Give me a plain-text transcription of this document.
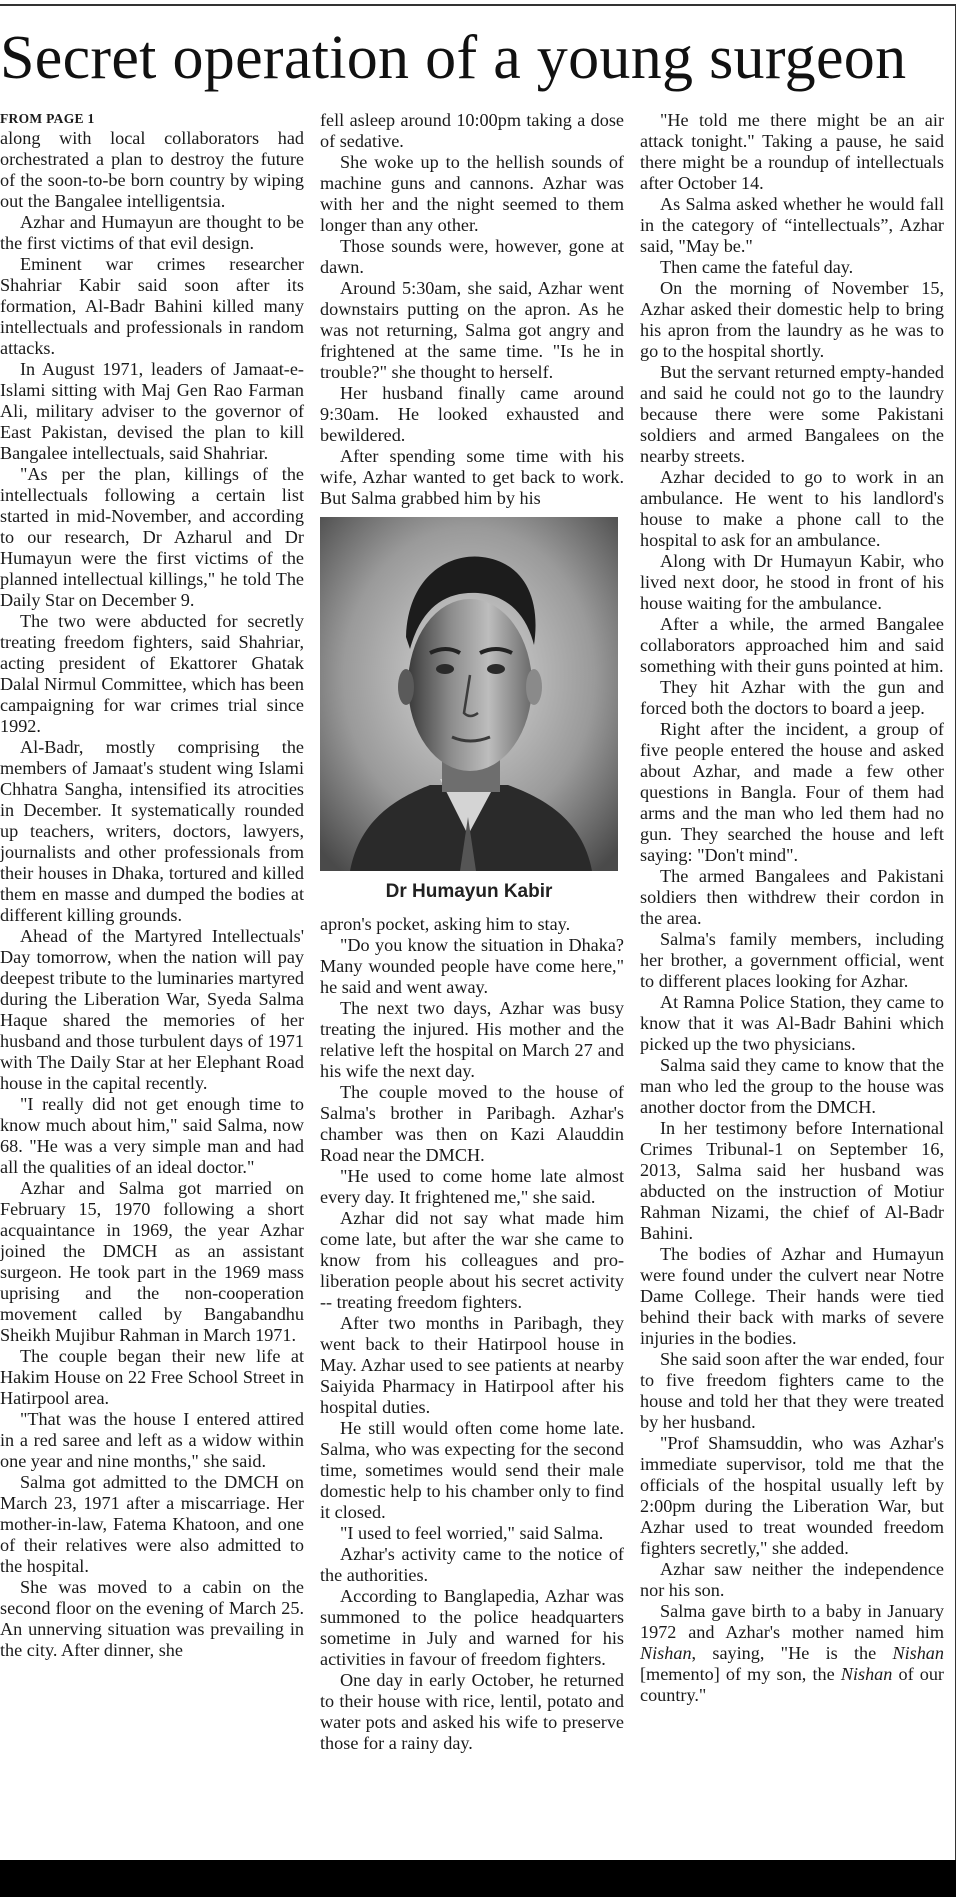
Secret operation of a young surgeon

FROM PAGE 1

along with local collaborators had orchestrated a plan to destroy the future of the soon-to-be born country by wiping out the Bangalee intelligentsia.

Azhar and Humayun are thought to be the first victims of that evil design.

Eminent war crimes researcher Shahriar Kabir said soon after its formation, Al-Badr Bahini killed many intellectuals and professionals in random attacks.

In August 1971, leaders of Jamaat-e-Islami sitting with Maj Gen Rao Farman Ali, military adviser to the governor of East Pakistan, devised the plan to kill Bangalee intellectuals, said Shahriar.

"As per the plan, killings of the intellectuals following a certain list started in mid-November, and according to our research, Dr Azharul and Dr Humayun were the first victims of the planned intellectual killings," he told The Daily Star on December 9.

The two were abducted for secretly treating freedom fighters, said Shahriar, acting president of Ekattorer Ghatak Dalal Nirmul Committee, which has been campaigning for war crimes trial since 1992.

Al-Badr, mostly comprising the members of Jamaat's student wing Islami Chhatra Sangha, intensified its atrocities in December. It systematically rounded up teachers, writers, doctors, lawyers, journalists and other professionals from their houses in Dhaka, tortured and killed them en masse and dumped the bodies at different killing grounds.

Ahead of the Martyred Intellectuals' Day tomorrow, when the nation will pay deepest tribute to the luminaries martyred during the Liberation War, Syeda Salma Haque shared the memories of her husband and those turbulent days of 1971 with The Daily Star at her Elephant Road house in the capital recently.

"I really did not get enough time to know much about him," said Salma, now 68. "He was a very simple man and had all the qualities of an ideal doctor."

Azhar and Salma got married on February 15, 1970 following a short acquaintance in 1969, the year Azhar joined the DMCH as an assistant surgeon. He took part in the 1969 mass uprising and the non-cooperation movement called by Bangabandhu Sheikh Mujibur Rahman in March 1971.

The couple began their new life at Hakim House on 22 Free School Street in Hatirpool area.

"That was the house I entered attired in a red saree and left as a widow within one year and nine months," she said.

Salma got admitted to the DMCH on March 23, 1971 after a miscarriage. Her mother-in-law, Fatema Khatoon, and one of their relatives were also admitted to the hospital.

She was moved to a cabin on the second floor on the evening of March 25. An unnerving situation was prevailing in the city. After dinner, she

fell asleep around 10:00pm taking a dose of sedative.

She woke up to the hellish sounds of machine guns and cannons. Azhar was with her and the night seemed to them longer than any other.

Those sounds were, however, gone at dawn.

Around 5:30am, she said, Azhar went downstairs putting on the apron. As he was not returning, Salma got angry and frightened at the same time. "Is he in trouble?" she thought to herself.

Her husband finally came around 9:30am. He looked exhausted and bewildered.

After spending some time with his wife, Azhar wanted to get back to work. But Salma grabbed him by his

Dr Humayun Kabir

apron's pocket, asking him to stay.

"Do you know the situation in Dhaka? Many wounded people have come here," he said and went away.

The next two days, Azhar was busy treating the injured. His mother and the relative left the hospital on March 27 and his wife the next day.

The couple moved to the house of Salma's brother in Paribagh. Azhar's chamber was then on Kazi Alauddin Road near the DMCH.

"He used to come home late almost every day. It frightened me," she said.

Azhar did not say what made him come late, but after the war she came to know from his colleagues and pro-liberation people about his secret activity -- treating freedom fighters.

After two months in Paribagh, they went back to their Hatirpool house in May. Azhar used to see patients at nearby Saiyida Pharmacy in Hatirpool after his hospital duties.

He still would often come home late. Salma, who was expecting for the second time, sometimes would send their male domestic help to his chamber only to find it closed.

"I used to feel worried," said Salma.

Azhar's activity came to the notice of the authorities.

According to Banglapedia, Azhar was summoned to the police headquarters sometime in July and warned for his activities in favour of freedom fighters.

One day in early October, he returned to their house with rice, lentil, potato and water pots and asked his wife to preserve those for a rainy day.

"He told me there might be an air attack tonight." Taking a pause, he said there might be a roundup of intellectuals after October 14.

As Salma asked whether he would fall in the category of “intellectuals”, Azhar said, "May be."

Then came the fateful day.

On the morning of November 15, Azhar asked their domestic help to bring his apron from the laundry as he was to go to the hospital shortly.

But the servant returned empty-handed and said he could not go to the laundry because there were some Pakistani soldiers and armed Bangalees on the nearby streets.

Azhar decided to go to work in an ambulance. He went to his landlord's house to make a phone call to the hospital to ask for an ambulance.

Along with Dr Humayun Kabir, who lived next door, he stood in front of his house waiting for the ambulance.

After a while, the armed Bangalee collaborators approached him and said something with their guns pointed at him.

They hit Azhar with the gun and forced both the doctors to board a jeep.

Right after the incident, a group of five people entered the house and asked about Azhar, and made a few other questions in Bangla. Four of them had arms and the man who led them had no gun. They searched the house and left saying: "Don't mind".

The armed Bangalees and Pakistani soldiers then withdrew their cordon in the area.

Salma's family members, including her brother, a government official, went to different places looking for Azhar.

At Ramna Police Station, they came to know that it was Al-Badr Bahini which picked up the two physicians.

Salma said they came to know that the man who led the group to the house was another doctor from the DMCH.

In her testimony before International Crimes Tribunal-1 on September 16, 2013, Salma said her husband was abducted on the instruction of Motiur Rahman Nizami, the chief of Al-Badr Bahini.

The bodies of Azhar and Humayun were found under the culvert near Notre Dame College. Their hands were tied behind their back with marks of severe injuries in the bodies.

She said soon after the war ended, four to five freedom fighters came to the house and told her that they were treated by her husband.

"Prof Shamsuddin, who was Azhar's immediate supervisor, told me that the officials of the hospital usually left by 2:00pm during the Liberation War, but Azhar used to treat wounded freedom fighters secretly," she added.

Azhar saw neither the independence nor his son.

Salma gave birth to a baby in January 1972 and Azhar's mother named him Nishan, saying, "He is the Nishan [memento] of my son, the Nishan of our country."
